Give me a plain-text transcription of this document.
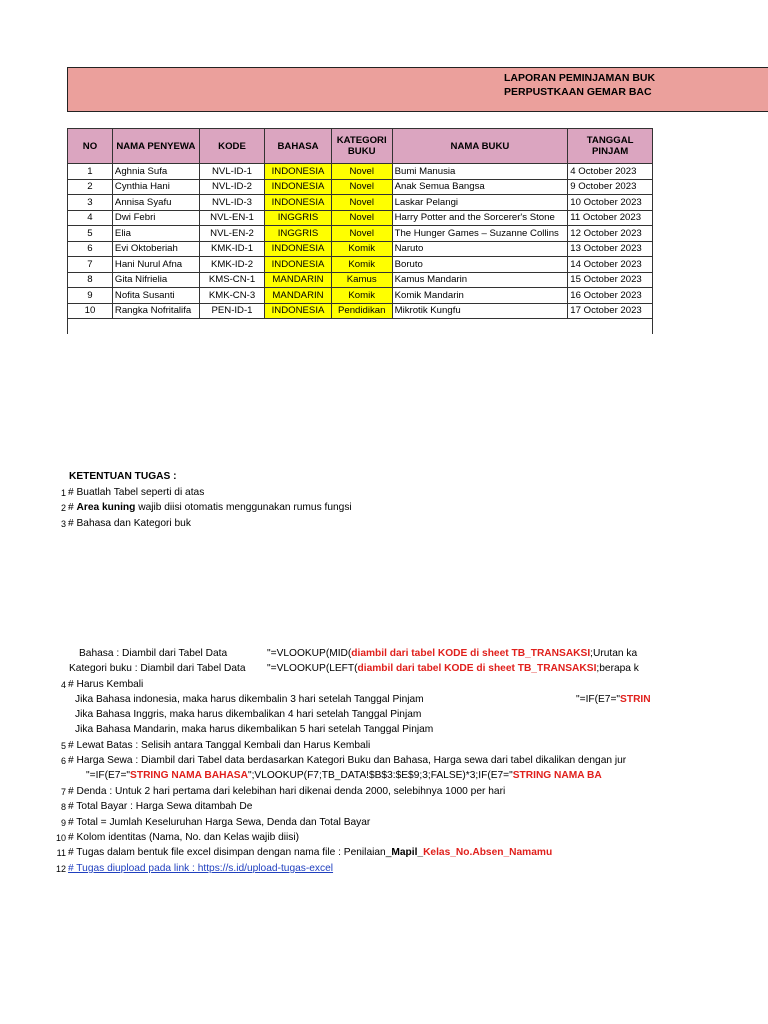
LAPORAN PEMINJAMAN BUK
PERPUSTKAAN GEMAR BAC
NO	NAMA PENYEWA	KODE	BAHASA	KATEGORI BUKU	NAMA BUKU	TANGGAL PINJAM
1	Aghnia Sufa	NVL-ID-1	INDONESIA	Novel	Bumi Manusia	4 October 2023
2	Cynthia Hani	NVL-ID-2	INDONESIA	Novel	Anak Semua Bangsa	9 October 2023
3	Annisa Syafu	NVL-ID-3	INDONESIA	Novel	Laskar Pelangi	10 October 2023
4	Dwi Febri	NVL-EN-1	INGGRIS	Novel	Harry Potter and the Sorcerer's Stone	11 October 2023
5	Elia	NVL-EN-2	INGGRIS	Novel	The Hunger Games – Suzanne Collins	12 October 2023
6	Evi Oktoberiah	KMK-ID-1	INDONESIA	Komik	Naruto	13 October 2023
7	Hani Nurul Afna	KMK-ID-2	INDONESIA	Komik	Boruto	14 October 2023
8	Gita Nifrielia	KMS-CN-1	MANDARIN	Kamus	Kamus Mandarin	15 October 2023
9	Nofita Susanti	KMK-CN-3	MANDARIN	Komik	Komik Mandarin	16 October 2023
10	Rangka Nofritalifa	PEN-ID-1	INDONESIA	Pendidikan	Mikrotik Kungfu	17 October 2023

KETENTUAN TUGAS :
1 # Buatlah Tabel seperti di atas
2 # Area kuning wajib diisi otomatis menggunakan rumus fungsi
3 # Bahasa dan Kategori buk
Bahasa : Diambil dari Tabel Data	"=VLOOKUP(MID(diambil dari tabel KODE di sheet TB_TRANSAKSI;Urutan ka
Kategori buku : Diambil dari Tabel Data "=VLOOKUP(LEFT(diambil dari tabel KODE di sheet TB_TRANSAKSI;berapa k
4 # Harus Kembali
Jika Bahasa indonesia, maka harus dikembalin 3 hari setelah Tanggal Pinjam	"=IF(E7="STRIN
Jika Bahasa Inggris, maka harus dikembalikan 4 hari setelah Tanggal Pinjam
Jika Bahasa Mandarin, maka harus dikembalikan 5 hari setelah Tanggal Pinjam
5 # Lewat Batas : Selisih antara Tanggal Kembali dan Harus Kembali
6 # Harga Sewa : Diambil dari Tabel data berdasarkan Kategori Buku dan Bahasa, Harga sewa dari tabel dikalikan dengan jur
"=IF(E7="STRING NAMA BAHASA";VLOOKUP(F7;TB_DATA!$B$3:$E$9;3;FALSE)*3;IF(E7="STRING NAMA BA
7 # Denda : Untuk 2 hari pertama dari kelebihan hari dikenai denda 2000, selebihnya 1000 per hari
8 # Total Bayar : Harga Sewa ditambah De
9 # Total = Jumlah Keseluruhan Harga Sewa, Denda dan Total Bayar
10 # Kolom identitas (Nama, No. dan Kelas wajib diisi)
11 # Tugas dalam bentuk file excel disimpan dengan nama file : Penilaian_Mapil_Kelas_No.Absen_Namamu
12 # Tugas diupload pada link : https://s.id/upload-tugas-excel
